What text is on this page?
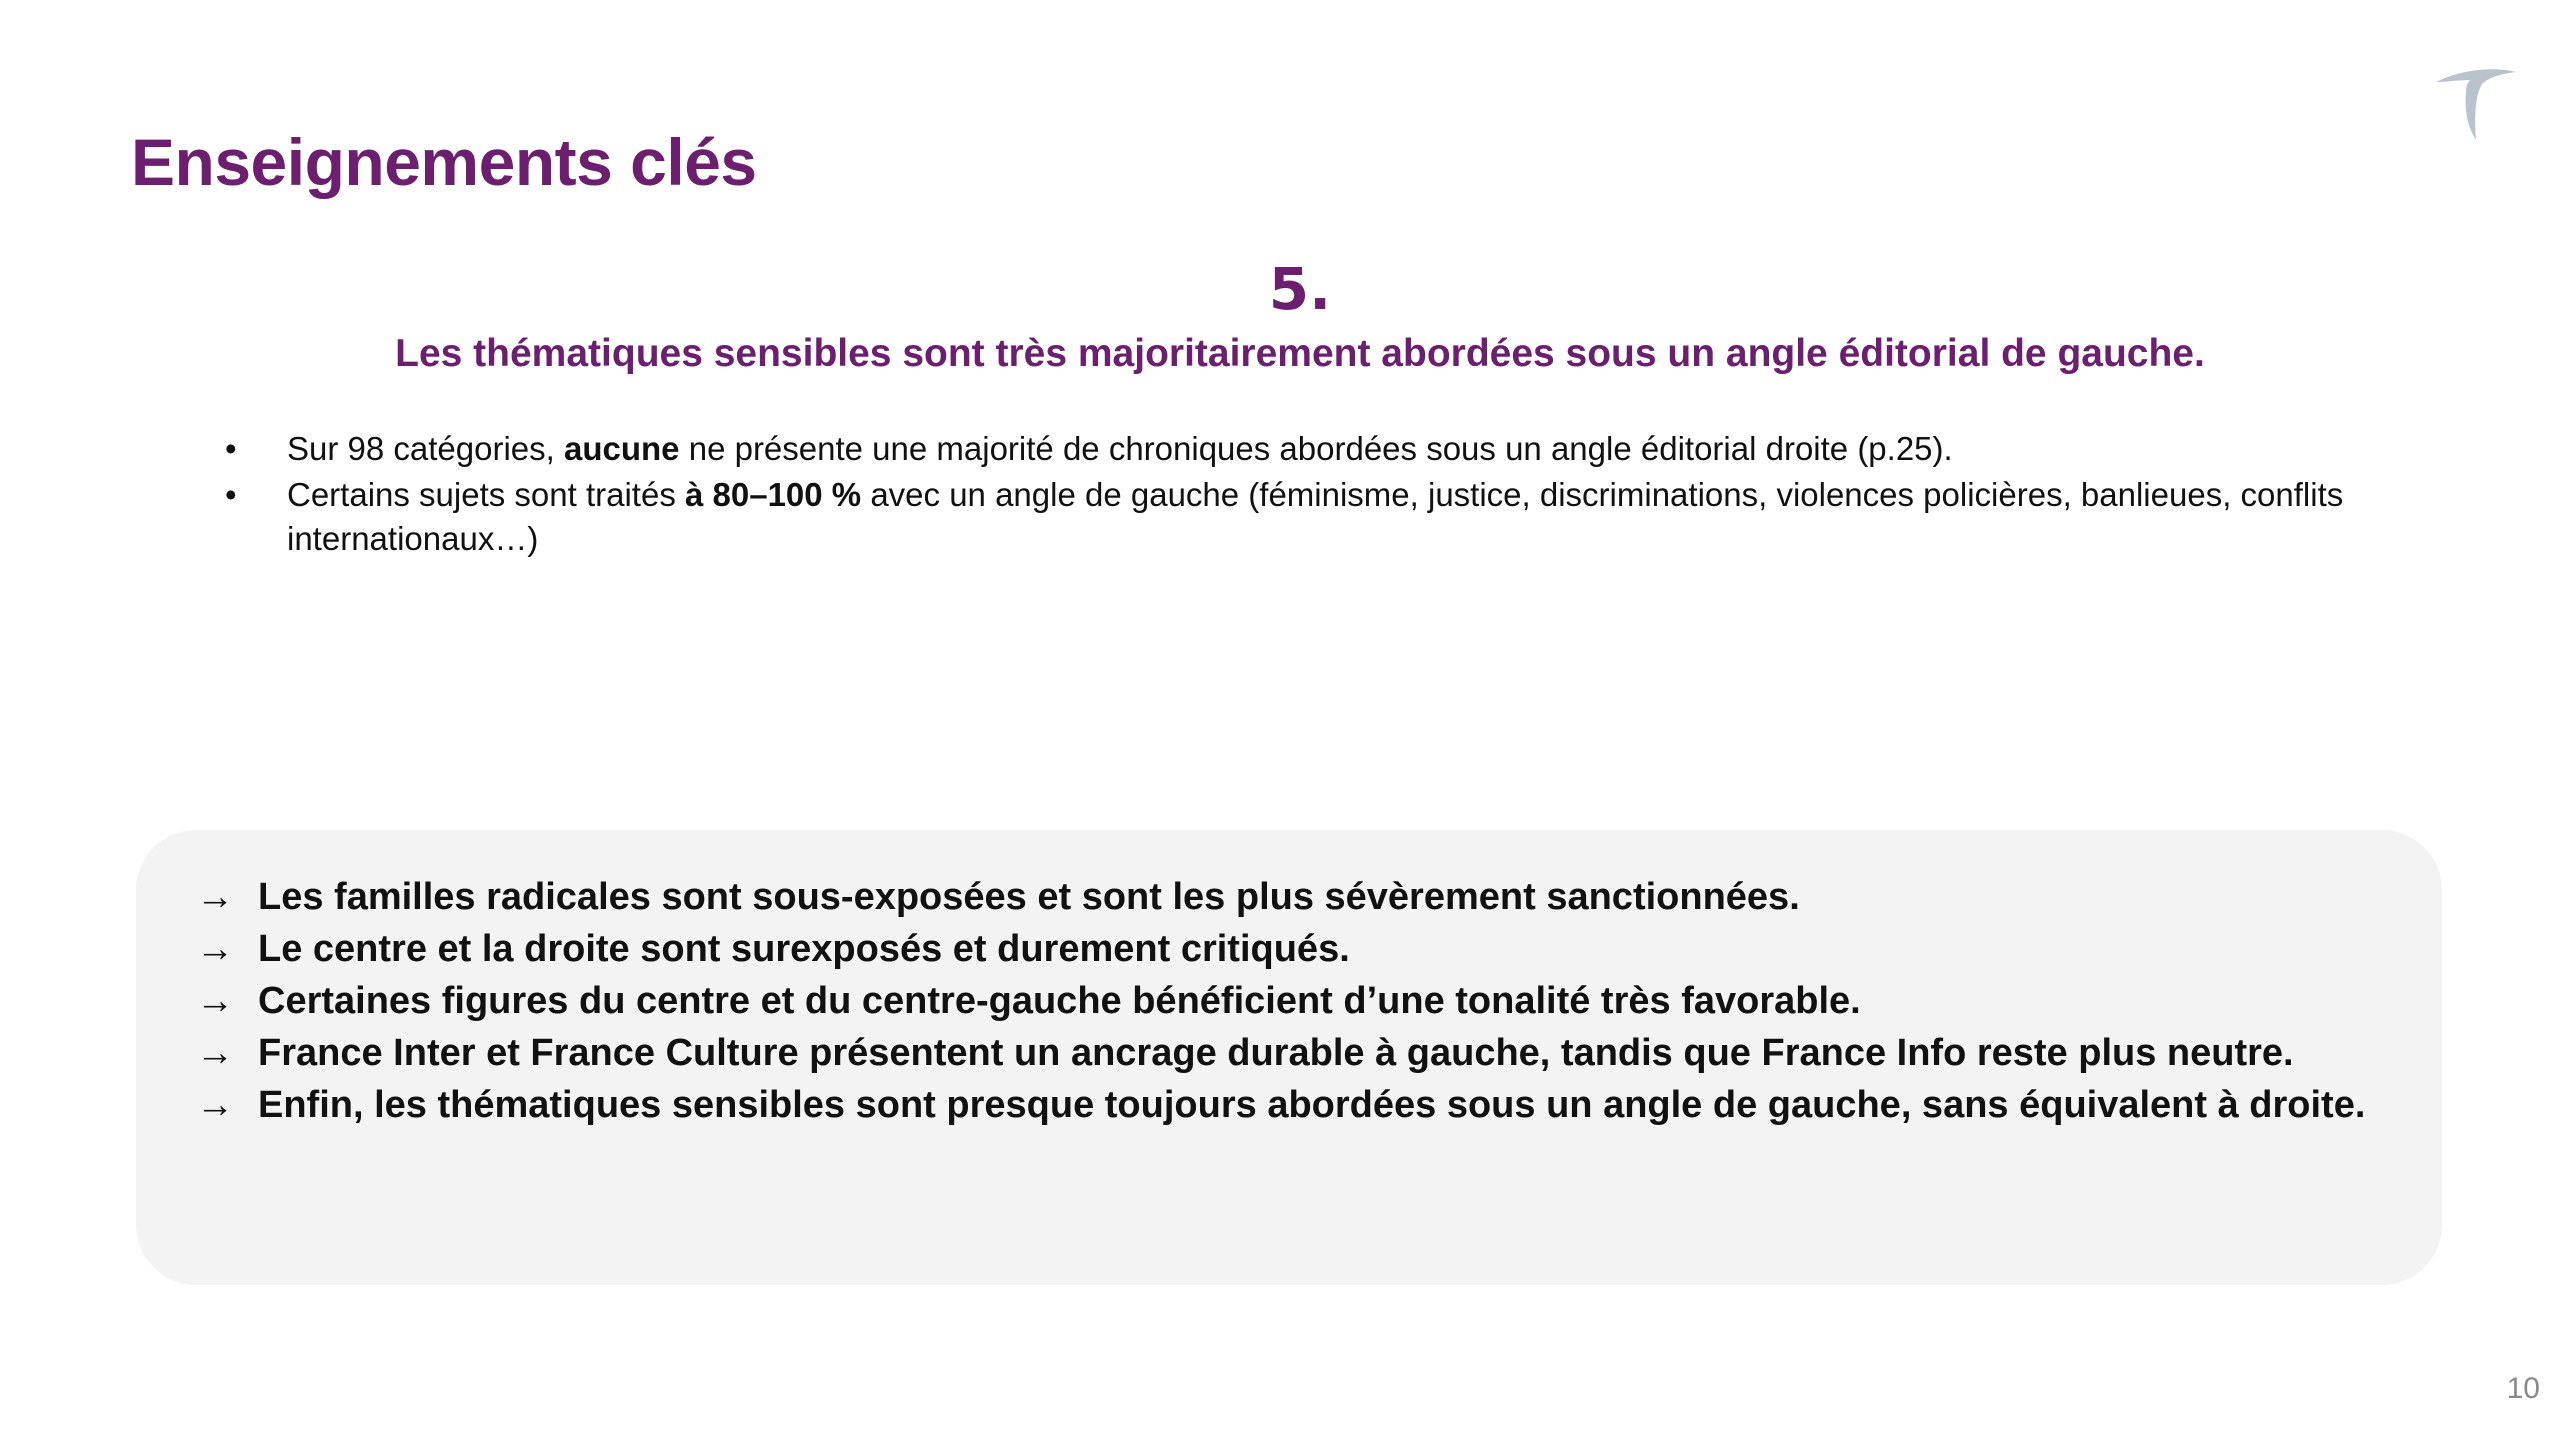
Enseignements clés
5.
Les thématiques sensibles sont très majoritairement abordées sous un angle éditorial de gauche.
• Sur 98 catégories, aucune ne présente une majorité de chroniques abordées sous un angle éditorial droite (p.25).
• Certains sujets sont traités à 80–100 % avec un angle de gauche (féminisme, justice, discriminations, violences policières, banlieues, conflits internationaux…)
→ Les familles radicales sont sous-exposées et sont les plus sévèrement sanctionnées.
→ Le centre et la droite sont surexposés et durement critiqués.
→ Certaines figures du centre et du centre-gauche bénéficient d’une tonalité très favorable.
→ France Inter et France Culture présentent un ancrage durable à gauche, tandis que France Info reste plus neutre.
→ Enfin, les thématiques sensibles sont presque toujours abordées sous un angle de gauche, sans équivalent à droite.
10
